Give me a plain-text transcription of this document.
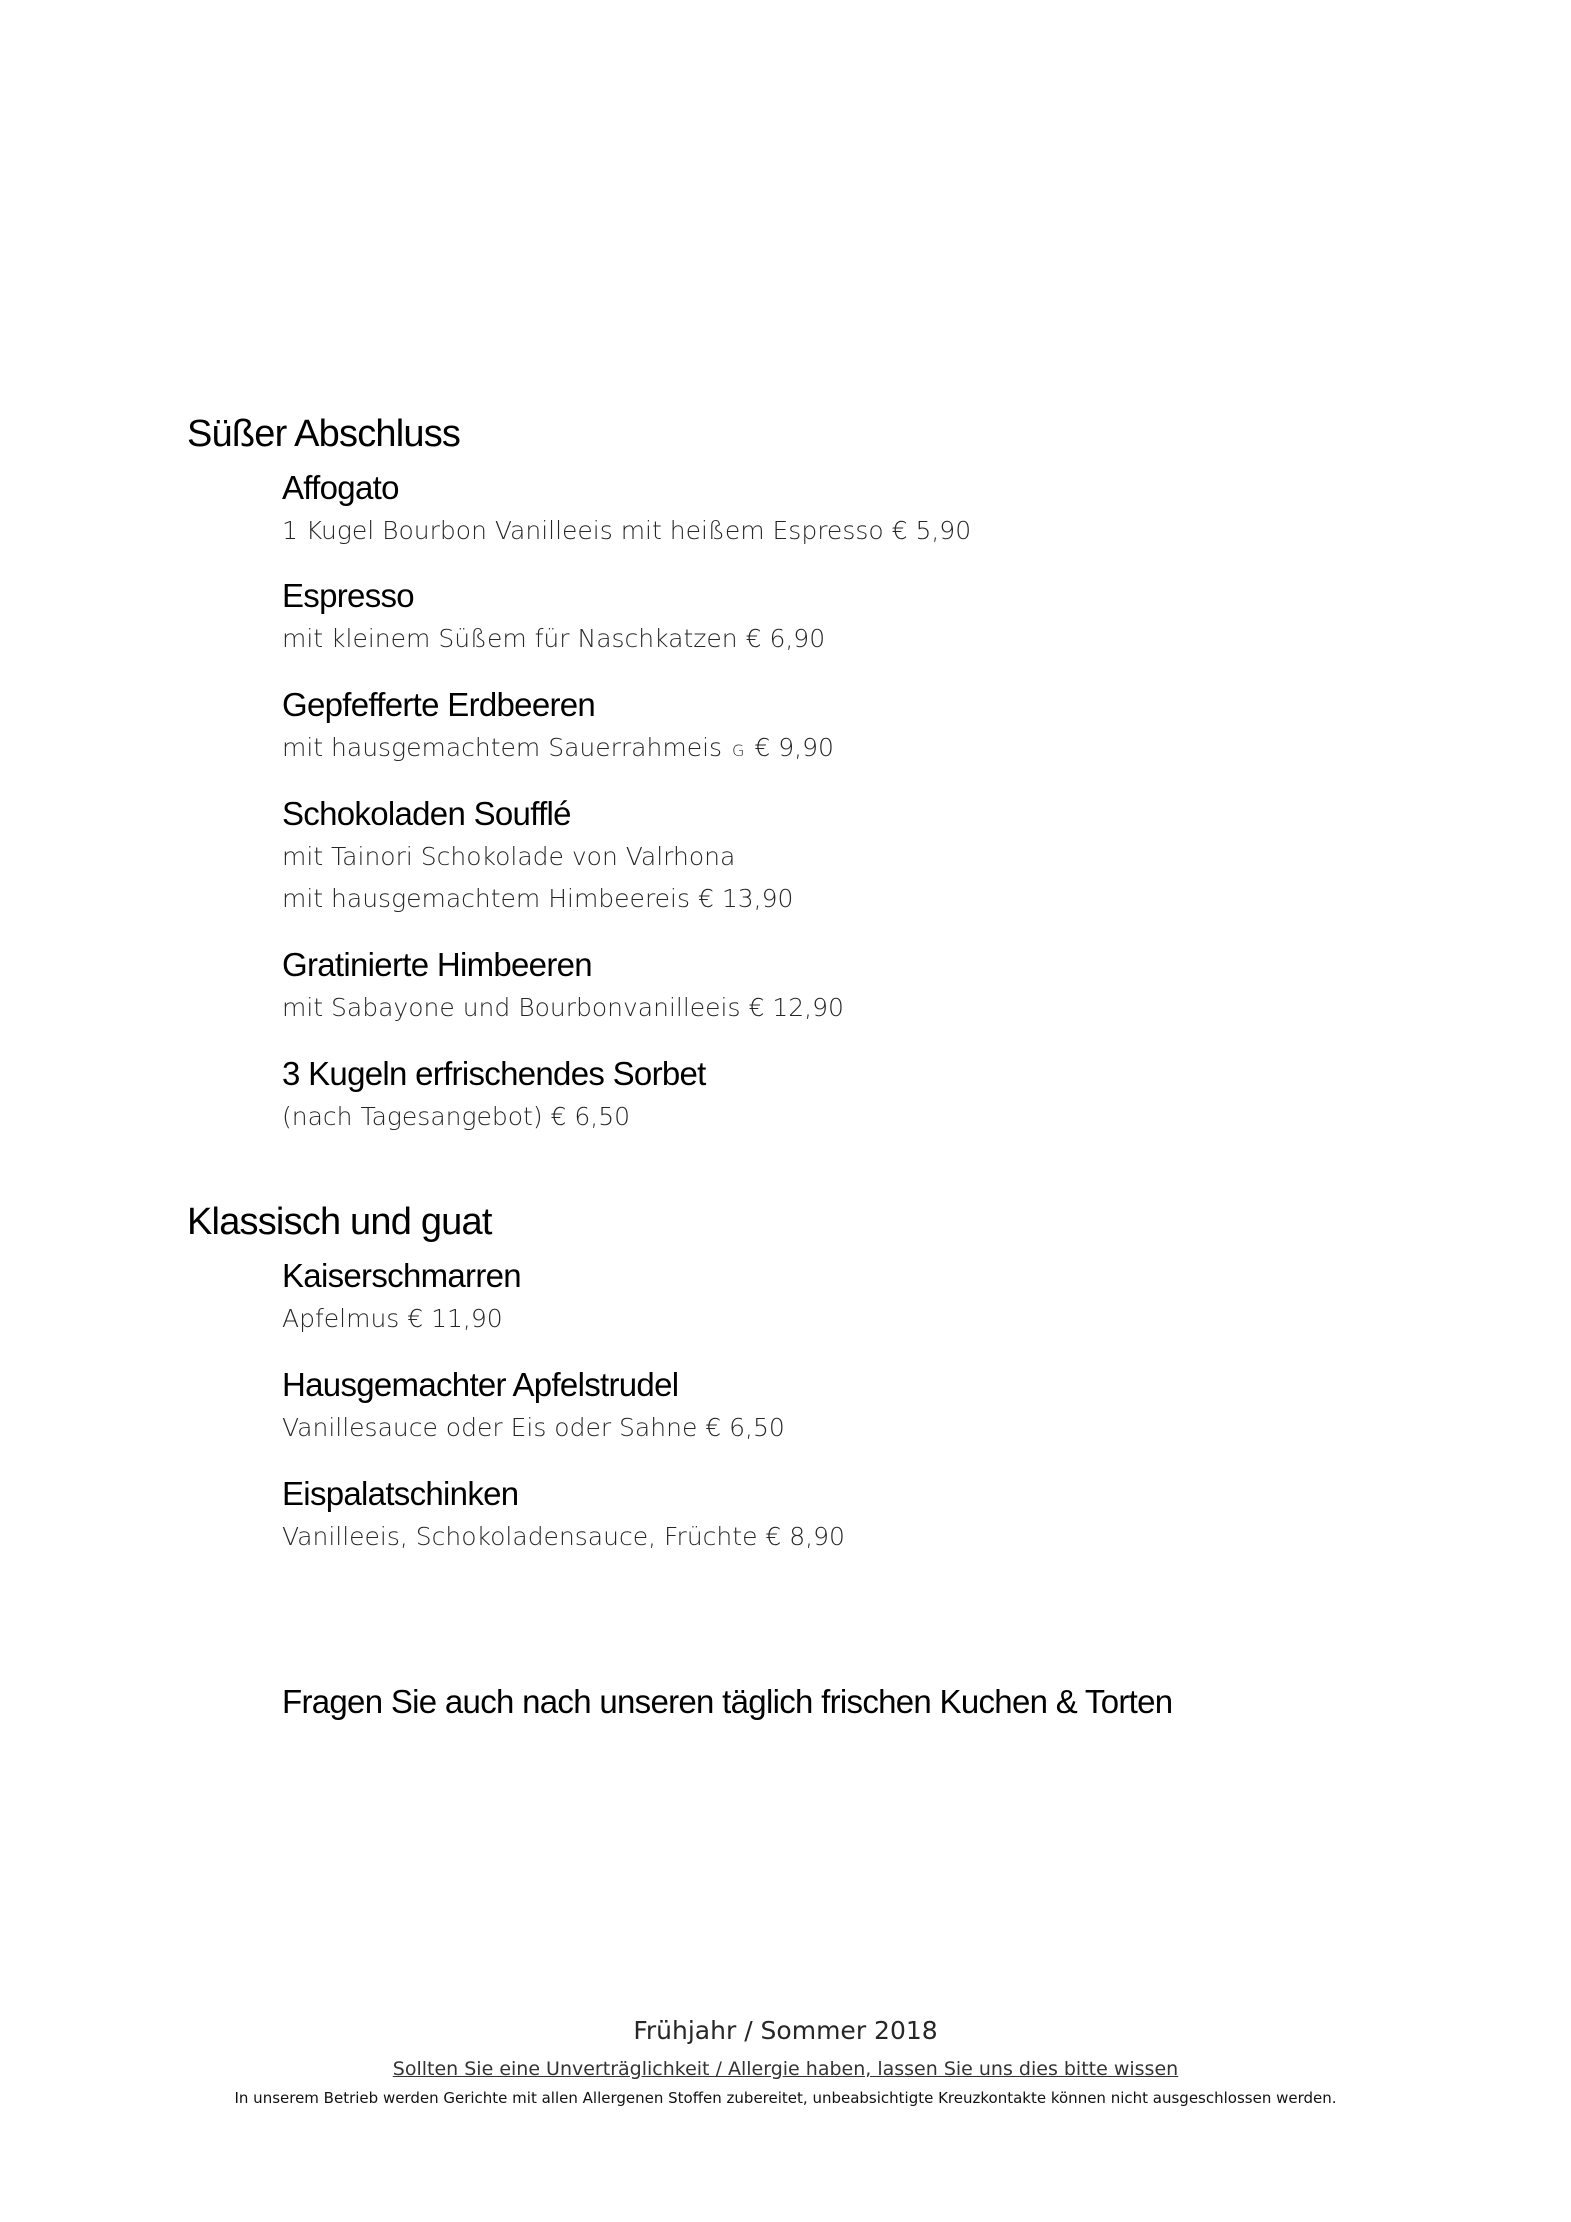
Süßer Abschluss
Affogato
1 Kugel Bourbon Vanilleeis mit heißem Espresso € 5,90
Espresso
mit kleinem Süßem für Naschkatzen € 6,90
Gepfefferte Erdbeeren
mit hausgemachtem Sauerrahmeis G € 9,90
Schokoladen Soufflé
mit Tainori Schokolade von Valrhona
mit hausgemachtem Himbeereis € 13,90
Gratinierte Himbeeren
mit Sabayone und Bourbonvanilleeis € 12,90
3 Kugeln erfrischendes Sorbet
(nach Tagesangebot) € 6,50
Klassisch und guat
Kaiserschmarren
Apfelmus € 11,90
Hausgemachter Apfelstrudel
Vanillesauce oder Eis oder Sahne € 6,50
Eispalatschinken
Vanilleeis, Schokoladensauce, Früchte € 8,90
Fragen Sie auch nach unseren täglich frischen Kuchen & Torten
Frühjahr / Sommer 2018
Sollten Sie eine Unverträglichkeit / Allergie haben, lassen Sie uns dies bitte wissen
In unserem Betrieb werden Gerichte mit allen Allergenen Stoffen zubereitet, unbeabsichtigte Kreuzkontakte können nicht ausgeschlossen werden.
